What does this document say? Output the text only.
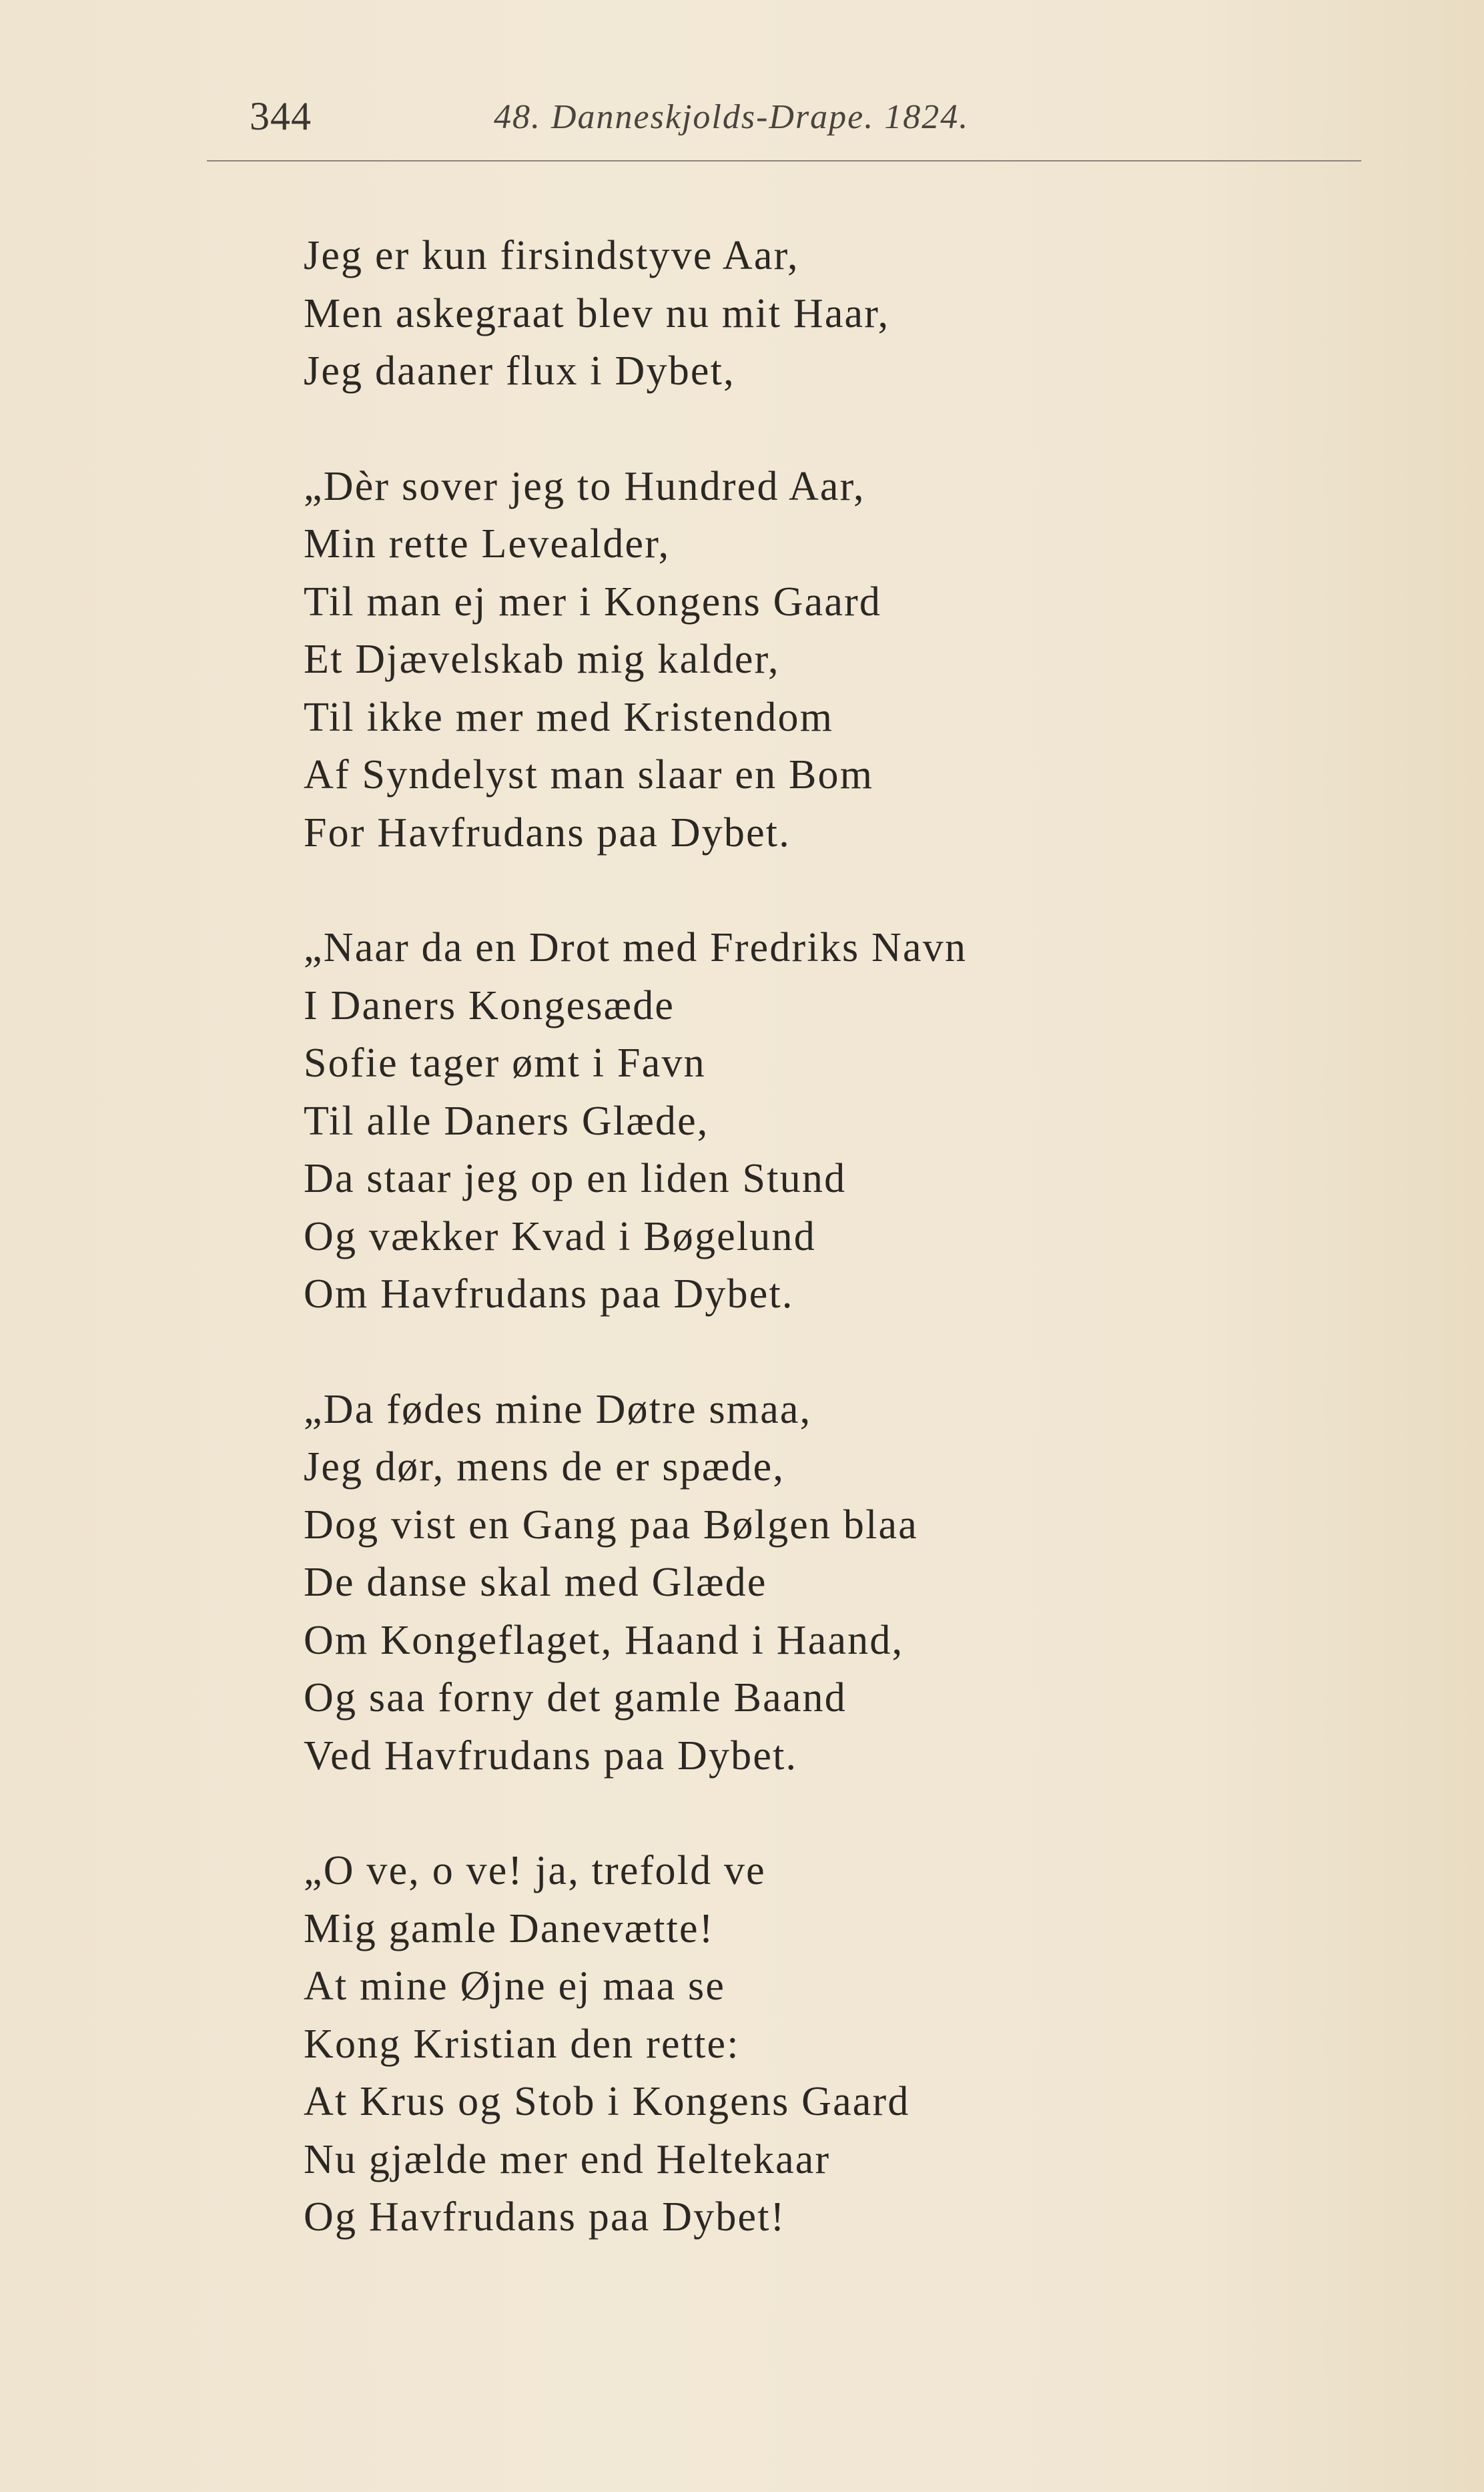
344	48. Danneskjolds-Drape. 1824.
Jeg er kun firsindstyve Aar,
Men askegraat blev nu mit Haar,
Jeg daaner flux i Dybet,
„Dèr sover jeg to Hundred Aar,
Min rette Levealder,
Til man ej mer i Kongens Gaard
Et Djævelskab mig kalder,
Til ikke mer med Kristendom
Af Syndelyst man slaar en Bom
For Havfrudans paa Dybet.
„Naar da en Drot med Fredriks Navn
I Daners Kongesæde
Sofie tager ømt i Favn
Til alle Daners Glæde,
Da staar jeg op en liden Stund
Og vækker Kvad i Bøgelund
Om Havfrudans paa Dybet.
„Da fødes mine Døtre smaa,
Jeg dør, mens de er spæde,
Dog vist en Gang paa Bølgen blaa
De danse skal med Glæde
Om Kongeflaget, Haand i Haand,
Og saa forny det gamle Baand
Ved Havfrudans paa Dybet.
„O ve, o ve! ja, trefold ve
Mig gamle Danevætte!
At mine Øjne ej maa se
Kong Kristian den rette:
At Krus og Stob i Kongens Gaard
Nu gjælde mer end Heltekaar
Og Havfrudans paa Dybet!
